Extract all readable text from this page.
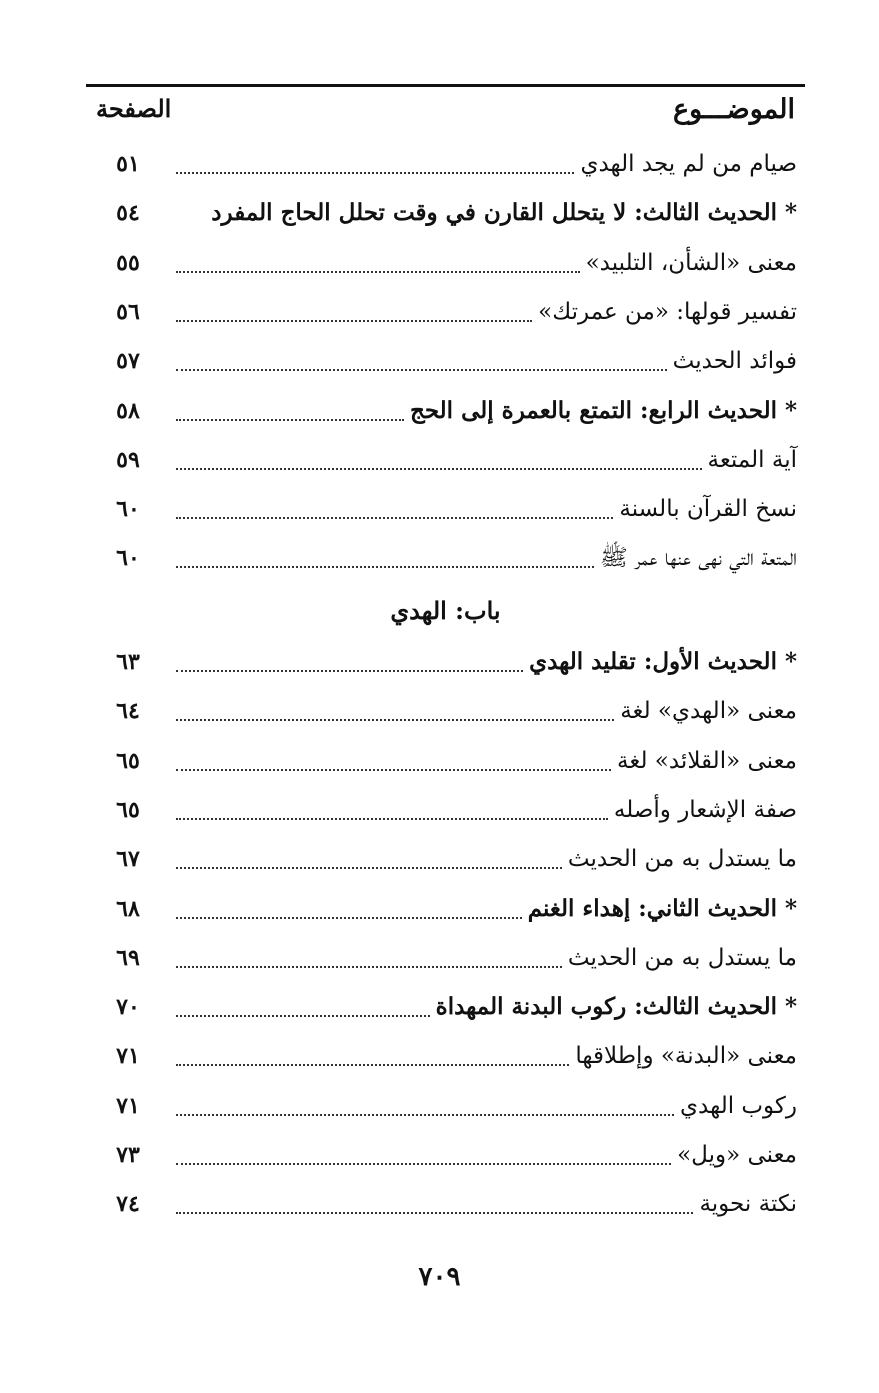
الموضـــوع
الصفحة
باب: الهدي
صيام من لم يجد الهدي
٥١
* الحديث الثالث: لا يتحلل القارن في وقت تحلل الحاج المفرد
٥٤
معنى «الشأن، التلبيد»
٥٥
تفسير قولها: «من عمرتك»
٥٦
فوائد الحديث
٥٧
* الحديث الرابع: التمتع بالعمرة إلى الحج
٥٨
آية المتعة
٥٩
نسخ القرآن بالسنة
٦٠
المتعة التي نهى عنها عمر ﷺ
٦٠
* الحديث الأول: تقليد الهدي
٦٣
معنى «الهدي» لغة
٦٤
معنى «القلائد» لغة
٦٥
صفة الإشعار وأصله
٦٥
ما يستدل به من الحديث
٦٧
* الحديث الثاني: إهداء الغنم
٦٨
ما يستدل به من الحديث
٦٩
* الحديث الثالث: ركوب البدنة المهداة
٧٠
معنى «البدنة» وإطلاقها
٧١
ركوب الهدي
٧١
معنى «ويل»
٧٣
نكتة نحوية
٧٤
٧٠٩
